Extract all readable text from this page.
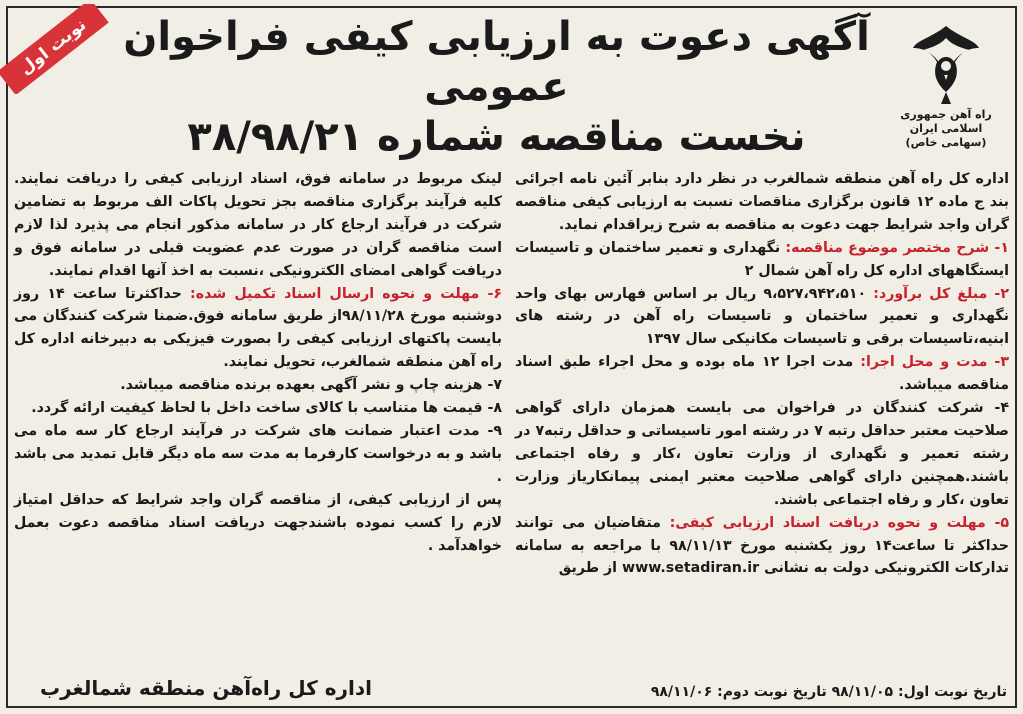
نوبت اول
راه آهن جمهوری
اسلامی ایران
(سهامی خاص)
آگهی دعوت به ارزیابی کیفی فراخوان عمومی
نخست مناقصه شماره ۳۸/۹۸/۲۱

اداره کل راه آهن منطقه شمالغرب در نظر دارد بنابر آئین نامه اجرائی بند ج ماده ۱۲ قانون برگزاری مناقصات نسبت به ارزیابی کیفی مناقصه گران واجد شرایط جهت دعوت به مناقصه به شرح زیراقدام نماید.

۱- شرح مختصر موضوع مناقصه: نگهداری و تعمیر ساختمان و تاسیسات ایستگاههای اداره کل راه آهن شمال ۲

۲- مبلغ کل برآورد: ۹،۵۲۷،۹۴۲،۵۱۰ ریال بر اساس فهارس بهای واحد نگهداری و تعمیر ساختمان و تاسیسات راه آهن در رشته های ابنیه،تاسیسات برقی و تاسیسات مکانیکی سال ۱۳۹۷

۳- مدت و محل اجرا: مدت اجرا ۱۲ ماه بوده و محل اجراء طبق اسناد مناقصه میباشد.

۴- شرکت کنندگان در فراخوان می بایست همزمان دارای گواهی صلاحیت معتبر حداقل رتبه ۷ در رشته امور تاسیساتی و حداقل رتبه۷ در رشته تعمیر و نگهداری از وزارت تعاون ،کار و رفاه اجتماعی باشند.همچنین دارای گواهی صلاحیت معتبر ایمنی پیمانکاریاز وزارت تعاون ،کار و رفاه اجتماعی باشند.

۵- مهلت و نحوه دریافت اسناد ارزیابی کیفی: متقاضیان می توانند حداکثر تا ساعت۱۴ روز یکشنبه مورخ ۹۸/۱۱/۱۳ با مراجعه به سامانه تدارکات الکترونیکی دولت به نشانی www.setadiran.ir از طریق

لینک مربوط در سامانه فوق، اسناد ارزیابی کیفی را دریافت نمایند. کلیه فرآیند برگزاری مناقصه بجز تحویل پاکات الف مربوط به تضامین شرکت در فرآیند ارجاع کار در سامانه مذکور انجام می پذیرد لذا لازم است مناقصه گران در صورت عدم عضویت قبلی در سامانه فوق و دریافت گواهی امضای الکترونیکی ،نسبت به اخذ آنها اقدام نمایند.

۶- مهلت و نحوه ارسال اسناد تکمیل شده: حداکثرتا ساعت ۱۴ روز دوشنبه مورخ ۹۸/۱۱/۲۸از طریق سامانه فوق.ضمنا شرکت کنندگان می بایست پاکتهای ارزیابی کیفی را بصورت فیزیکی به دبیرخانه اداره کل راه آهن منطقه شمالغرب، تحویل نمایند.

۷- هزینه چاپ و نشر آگهی بعهده برنده مناقصه میباشد.

۸- قیمت ها متناسب با کالای ساخت داخل با لحاظ کیفیت ارائه گردد.

۹- مدت اعتبار ضمانت های شرکت در فرآیند ارجاع کار سه ماه می باشد و به درخواست کارفرما به مدت سه ماه دیگر قابل تمدید می باشد .

پس از ارزیابی کیفی، از مناقصه گران واجد شرایط که حداقل امتیاز لازم را کسب نموده باشندجهت دریافت اسناد مناقصه دعوت بعمل خواهدآمد .

تاریخ نوبت اول: ۹۸/۱۱/۰۵ تاریخ نوبت دوم: ۹۸/۱۱/۰۶
اداره کل راه‌آهن منطقه شمالغرب
